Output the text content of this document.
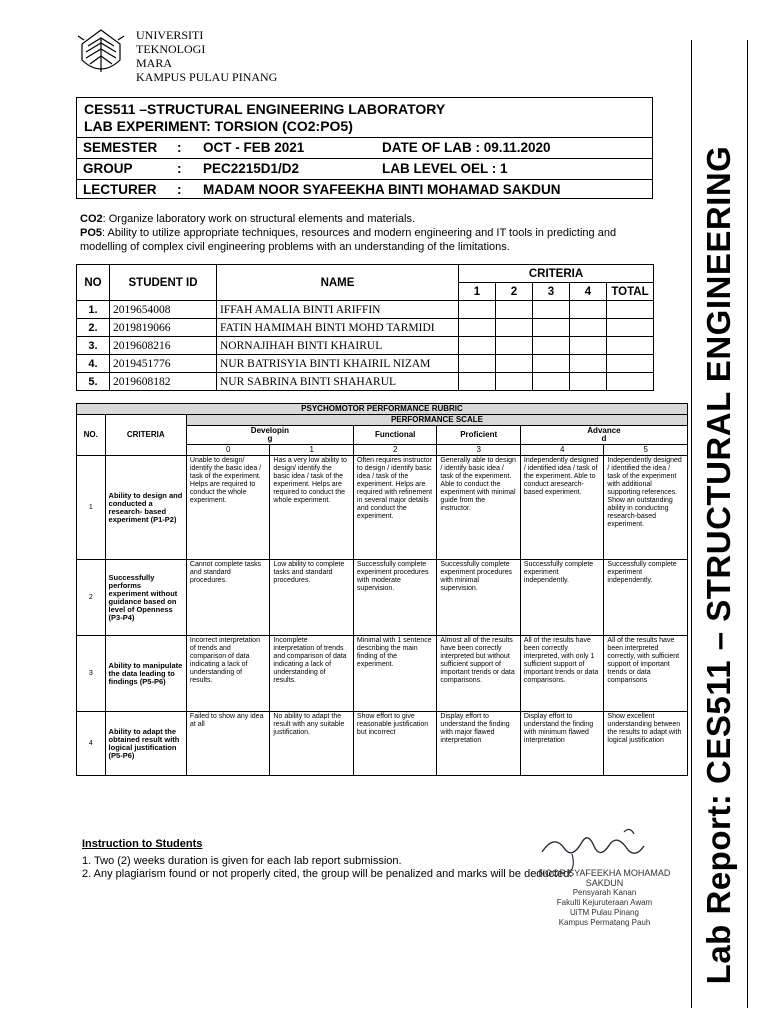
UNIVERSITI
TEKNOLOGI
MARA
KAMPUS PULAU PINANG
CES511 –STRUCTURAL ENGINEERING LABORATORY
LAB EXPERIMENT: TORSION (CO2:PO5)
SEMESTER : OCT - FEB 2021	DATE OF LAB : 09.11.2020
GROUP	: PEC2215D1/D2	LAB LEVEL OEL : 1
LECTURER : MADAM NOOR SYAFEEKHA BINTI MOHAMAD SAKDUN
CO2: Organize laboratory work on structural elements and materials.
PO5: Ability to utilize appropriate techniques, resources and modern engineering and IT tools in predicting and modelling of complex civil engineering problems with an understanding of the limitations.
NO	STUDENT ID	NAME	CRITERIA				
			1	2	3	4	TOTAL
1.	2019654008	IFFAH AMALIA BINTI ARIFFIN					
2.	2019819066	FATIN HAMIMAH BINTI MOHD TARMIDI					
3.	2019608216	NORNAJIHAH BINTI KHAIRUL					
4.	2019451776	NUR BATRISYIA BINTI KHAIRIL NIZAM					
5.	2019608182	NUR SABRINA BINTI SHAHARUL					
PSYCHOMOTOR PERFORMANCE RUBRIC							
NO.	CRITERIA	PERFORMANCE SCALE					
		Developin
g		Functional	Proficient	Advance
d	
		0	1	2	3	4	5
1	Ability to design and conducted a research- based experiment (P1-P2)	Unable to design/ identify the basic idea / task of the experiment. Helps are required to conduct the whole experiment.	Has a very low ability to design/ identify the basic idea / task of the experiment. Helps are required to conduct the whole experiment.	Often requires instructor to design / identify basic idea / task of the experiment. Helps are required with refinement in several major details and conduct the experiment.	Generally able to design / identify basic idea / task of the experiment. Able to conduct the experiment with minimal guide from the instructor.	Independently designed / identified idea / task of the experiment. Able to conduct aresearch-based experiment.	Independently designed / identified the idea / task of the experiment with additional supporting references. Show an outstanding ability in conducting research-based experiment.
2	Successfully performs experiment without guidance based on level of Openness (P3-P4)	Cannot complete tasks and standard procedures.	Low ability to complete tasks and standard procedures.	Successfully complete experiment procedures with moderate supervision.	Successfully complete experiment procedures with minimal supervision.	Successfully complete experiment independently.	Successfully complete experiment independently.
3	Ability to manipulate the data leading to findings (P5-P6)	Incorrect interpretation of trends and comparison of data indicating a lack of understanding of results.	Incomplete interpretation of trends and comparison of data indicating a lack of understanding of results.	Minimal with 1 sentence describing the main finding of the experiment.	Almost all of the results have been correctly interpreted but without sufficient support of important trends or data comparisons.	All of the results have been correctly interpreted, with only 1 sufficient support of important trends or data comparisons.	All of the results have been interpreted correctly, with sufficient support of important trends or data comparisons
4	Ability to adapt the obtained result with logical justification (P5-P6)	Failed to show any idea at all	No ability to adapt the result with any suitable justification.	Show effort to give reasonable justification but incorrect	Display effort to understand the finding with major flawed interpretation	Display effort to understand the finding with minimum flawed interpretation	Show excellent understanding between the results to adapt with logical justification
Instruction to Students
1. Two (2) weeks duration is given for each lab report submission.
2. Any plagiarism found or not properly cited, the group will be penalized and marks will be deducted.
NOOR SYAFEEKHA MOHAMAD SAKDUN
Pensyarah Kanan
Fakulti Kejuruteraan Awam
UiTM Pulau Pinang
Kampus Permatang Pauh	Lab Report: CES511 – STRUCTURAL ENGINEERING
